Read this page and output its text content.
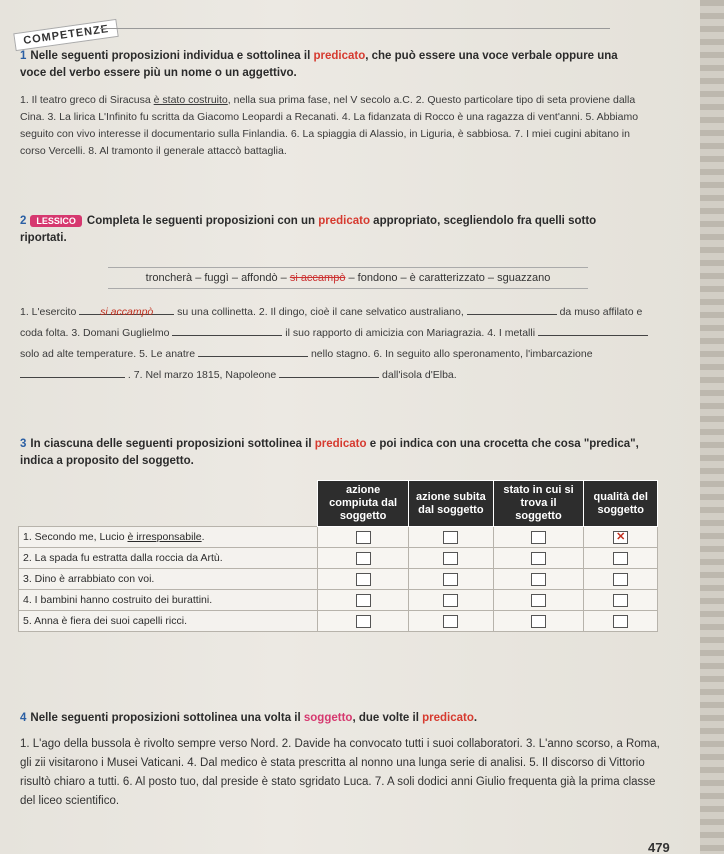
COMPETENZE
1 Nelle seguenti proposizioni individua e sottolinea il predicato, che può essere una voce verbale oppure una voce del verbo essere più un nome o un aggettivo.
1. Il teatro greco di Siracusa è stato costruito, nella sua prima fase, nel V secolo a.C. 2. Questo particolare tipo di seta proviene dalla Cina. 3. La lirica L'Infinito fu scritta da Giacomo Leopardi a Recanati. 4. La fidanzata di Rocco è una ragazza di vent'anni. 5. Abbiamo seguito con vivo interesse il documentario sulla Finlandia. 6. La spiaggia di Alassio, in Liguria, è sabbiosa. 7. I miei cugini abitano in corso Vercelli. 8. Al tramonto il generale attaccò battaglia.
2 LESSICO Completa le seguenti proposizioni con un predicato appropriato, scegliendolo fra quelli sotto riportati.
troncherà – fuggì – affondò – si accampò – fondono – è caratterizzato – sguazzano
1. L'esercito si accampò su una collinetta. 2. Il dingo, cioè il cane selvatico australiano,	da muso affilato e coda folta. 3. Domani Guglielmo	il suo rapporto di amicizia con Mariagrazia. 4. I metalli  solo ad alte temperature. 5. Le anatre	nello stagno. 6. In seguito allo speronamento, l'imbarcazione  . 7. Nel marzo 1815, Napoleone	dall'isola d'Elba.
3 In ciascuna delle seguenti proposizioni sottolinea il predicato e poi indica con una crocetta che cosa "predica", indica a proposito del soggetto.
	azione compiuta dal soggetto	azione subita dal soggetto	stato in cui si trova il soggetto	qualità del soggetto
1. Secondo me, Lucio è irresponsabile.				✕
2. La spada fu estratta dalla roccia da Artù.				
3. Dino è arrabbiato con voi.				
4. I bambini hanno costruito dei burattini.				
5. Anna è fiera dei suoi capelli ricci.				
4 Nelle seguenti proposizioni sottolinea una volta il soggetto, due volte il predicato.
1. L'ago della bussola è rivolto sempre verso Nord. 2. Davide ha convocato tutti i suoi collaboratori. 3. L'anno scorso, a Roma, gli zii visitarono i Musei Vaticani. 4. Dal medico è stata prescritta al nonno una lunga serie di analisi. 5. Il discorso di Vittorio risultò chiaro a tutti. 6. Al posto tuo, dal preside è stato sgridato Luca. 7. A soli dodici anni Giulio frequenta già la prima classe del liceo scientifico.
479
